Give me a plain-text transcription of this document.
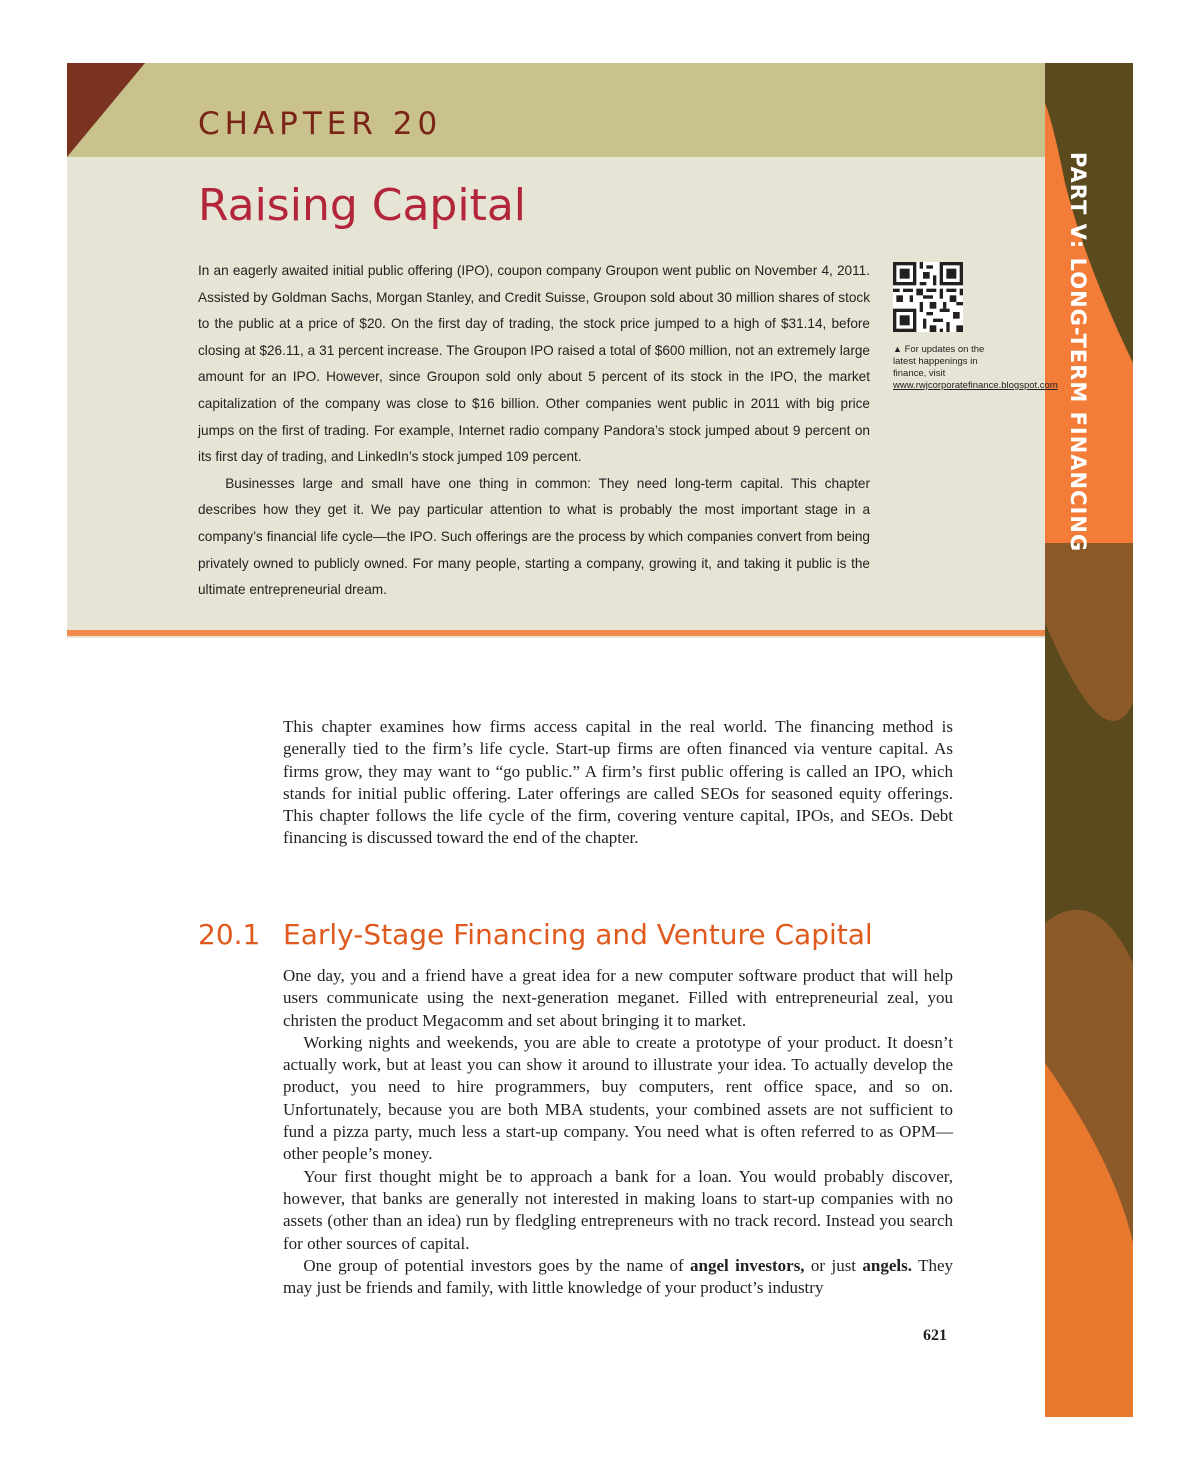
PART V: LONG-TERM FINANCING
CHAPTER 20
Raising Capital

In an eagerly awaited initial public offering (IPO), coupon company Groupon went public on November 4, 2011. Assisted by Goldman Sachs, Morgan Stanley, and Credit Suisse, Groupon sold about 30 million shares of stock to the public at a price of $20. On the first day of trading, the stock price jumped to a high of $31.14, before closing at $26.11, a 31 percent increase. The Groupon IPO raised a total of $600 million, not an extremely large amount for an IPO. However, since Groupon sold only about 5 percent of its stock in the IPO, the market capitalization of the company was close to $16 billion. Other companies went public in 2011 with big price jumps on the first of trading. For example, Internet radio company Pandora’s stock jumped about 9 percent on its first day of trading, and LinkedIn’s stock jumped 109 percent.

Businesses large and small have one thing in common: They need long-term capital. This chapter describes how they get it. We pay particular attention to what is probably the most important stage in a company’s financial life cycle—the IPO. Such offerings are the process by which companies convert from being privately owned to publicly owned. For many people, starting a company, growing it, and taking it public is the ultimate entrepreneurial dream.

▲ For updates on the latest happenings in finance, visit www.rwjcorporatefinance.blogspot.com

This chapter examines how firms access capital in the real world. The financing method is generally tied to the firm’s life cycle. Start-up firms are often financed via venture capital. As firms grow, they may want to “go public.” A firm’s first public offering is called an IPO, which stands for initial public offering. Later offerings are called SEOs for seasoned equity offerings. This chapter follows the life cycle of the firm, covering venture capital, IPOs, and SEOs. Debt financing is discussed toward the end of the chapter.

20.1 Early-Stage Financing and Venture Capital

One day, you and a friend have a great idea for a new computer software product that will help users communicate using the next-generation meganet. Filled with entrepreneurial zeal, you christen the product Megacomm and set about bringing it to market.

Working nights and weekends, you are able to create a prototype of your product. It doesn’t actually work, but at least you can show it around to illustrate your idea. To actually develop the product, you need to hire programmers, buy computers, rent office space, and so on. Unfortunately, because you are both MBA students, your combined assets are not sufficient to fund a pizza party, much less a start-up company. You need what is often referred to as OPM—other people’s money.

Your first thought might be to approach a bank for a loan. You would probably discover, however, that banks are generally not interested in making loans to start-up companies with no assets (other than an idea) run by fledgling entrepreneurs with no track record. Instead you search for other sources of capital.

One group of potential investors goes by the name of angel investors, or just angels. They may just be friends and family, with little knowledge of your product’s industry

621
